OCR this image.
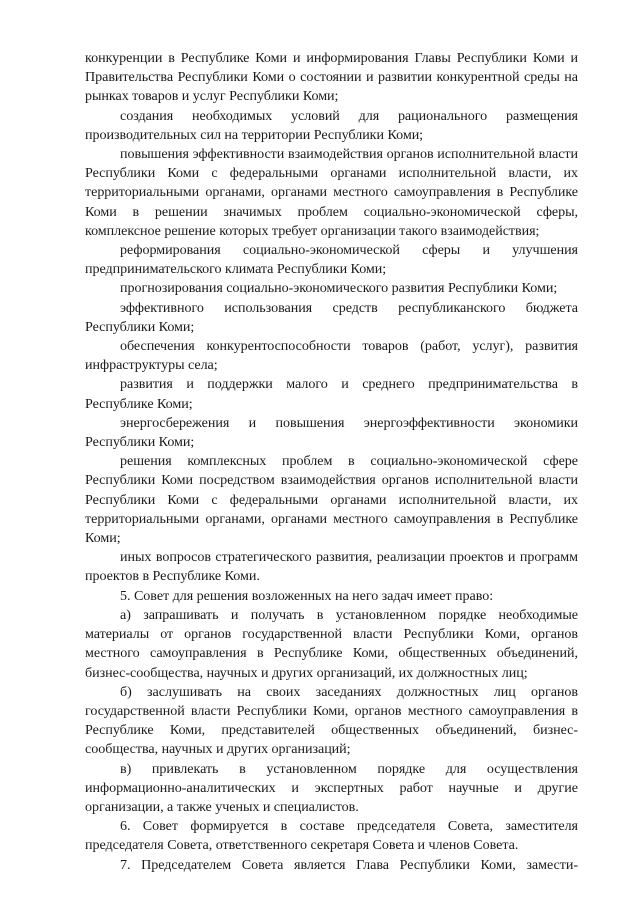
конкуренции в Республике Коми и информирования Главы Республики Коми и Правительства Республики Коми о состоянии и развитии конкурентной среды на рынках товаров и услуг Республики Коми;

создания необходимых условий для рационального размещения производительных сил на территории Республики Коми;

повышения эффективности взаимодействия органов исполнительной власти Республики Коми с федеральными органами исполнительной власти, их территориальными органами, органами местного самоуправления в Республике Коми в решении значимых проблем социально-экономической сферы, комплексное решение которых требует организации такого взаимодействия;

реформирования социально-экономической сферы и улучшения предпринимательского климата Республики Коми;

прогнозирования социально-экономического развития Республики Коми;

эффективного использования средств республиканского бюджета Республики Коми;

обеспечения конкурентоспособности товаров (работ, услуг), развития инфраструктуры села;

развития и поддержки малого и среднего предпринимательства в Республике Коми;

энергосбережения и повышения энергоэффективности экономики Республики Коми;

решения комплексных проблем в социально-экономической сфере Республики Коми посредством взаимодействия органов исполнительной власти Республики Коми с федеральными органами исполнительной власти, их территориальными органами, органами местного самоуправления в Республике Коми;

иных вопросов стратегического развития, реализации проектов и программ проектов в Республике Коми.

5. Совет для решения возложенных на него задач имеет право:

а) запрашивать и получать в установленном порядке необходимые материалы от органов государственной власти Республики Коми, органов местного самоуправления в Республике Коми, общественных объединений, бизнес-сообщества, научных и других организаций, их должностных лиц;

б) заслушивать на своих заседаниях должностных лиц органов государственной власти Республики Коми, органов местного самоуправления в Республике Коми, представителей общественных объединений, бизнес-сообщества, научных и других организаций;

в) привлекать в установленном порядке для осуществления информационно-аналитических и экспертных работ научные и другие организации, а также ученых и специалистов.

6. Совет формируется в составе председателя Совета, заместителя председателя Совета, ответственного секретаря Совета и членов Совета.

7. Председателем Совета является Глава Республики Коми, замести-
